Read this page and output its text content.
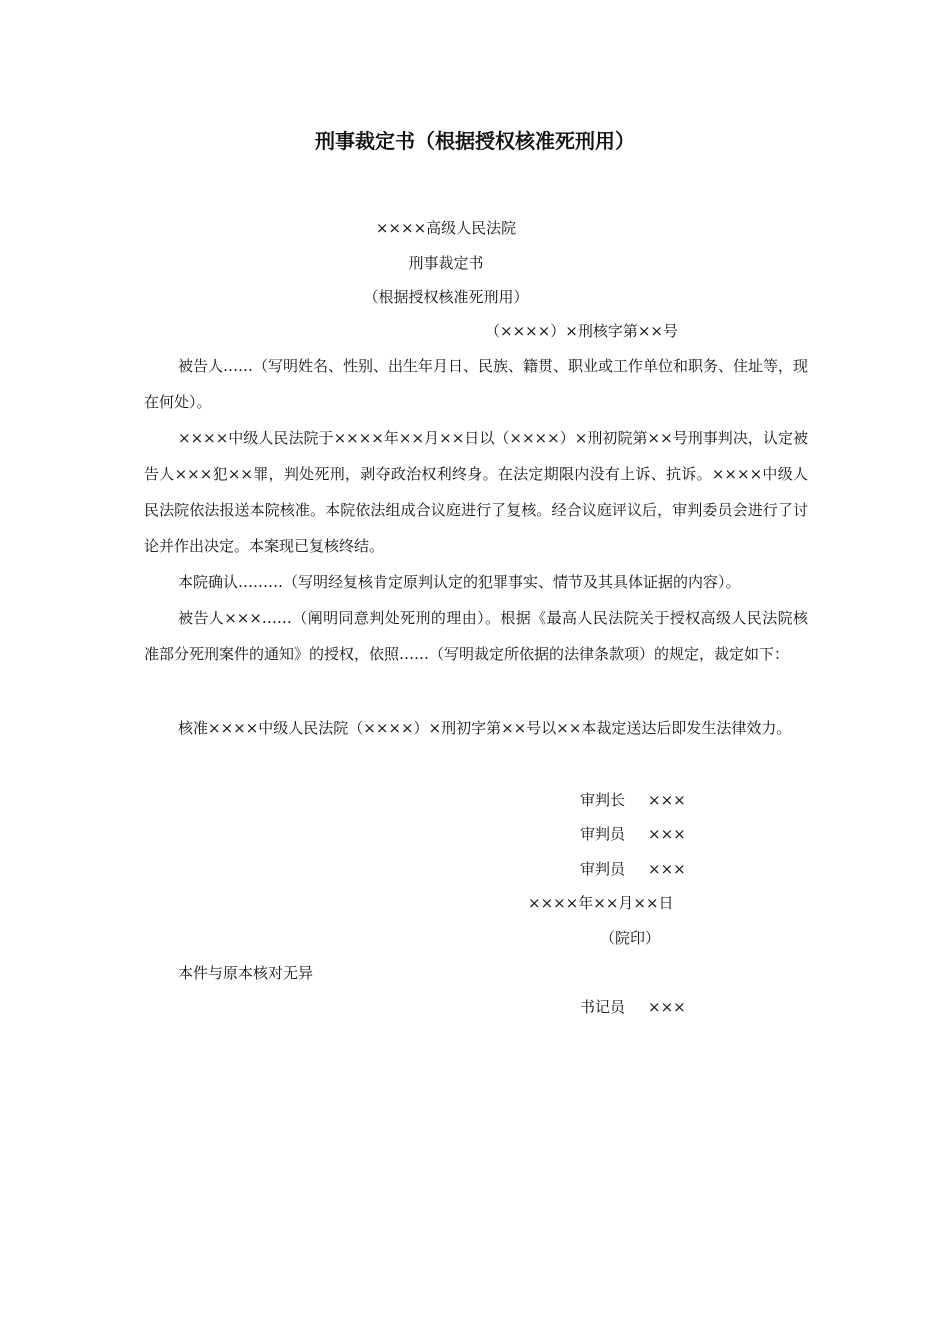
刑事裁定书（根据授权核准死刑用）
××××高级人民法院
刑事裁定书
（根据授权核准死刑用）
（××××）×刑核字第××号
被告人……（写明姓名、性别、出生年月日、民族、籍贯、职业或工作单位和职务、住址等，现在何处）。
××××中级人民法院于××××年××月××日以（××××）×刑初院第××号刑事判决，认定被告人×××犯××罪，判处死刑，剥夺政治权利终身。在法定期限内没有上诉、抗诉。××××中级人民法院依法报送本院核准。本院依法组成合议庭进行了复核。经合议庭评议后，审判委员会进行了讨论并作出决定。本案现已复核终结。
本院确认………（写明经复核肯定原判认定的犯罪事实、情节及其具体证据的内容）。
被告人×××……（阐明同意判处死刑的理由）。根据《最高人民法院关于授权高级人民法院核准部分死刑案件的通知》的授权，依照……（写明裁定所依据的法律条款项）的规定，裁定如下：
核准××××中级人民法院（××××）×刑初字第××号以××本裁定送达后即发生法律效力。
审判长 ×××
审判员 ×××
审判员 ×××
××××年××月××日
（院印）
本件与原本核对无异
书记员 ×××
